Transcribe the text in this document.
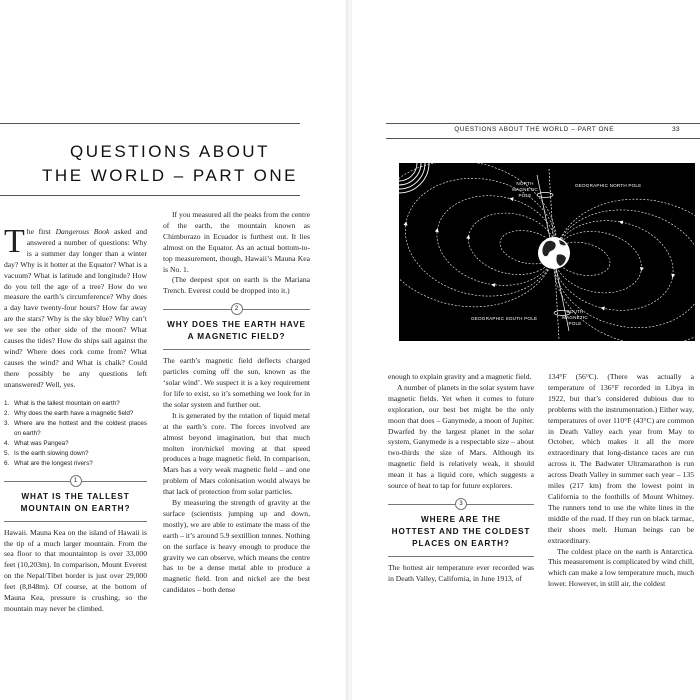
QUESTIONS ABOUT
THE WORLD – PART ONE

The first Dangerous Book asked and answered a number of questions: Why is a summer day longer than a winter day? Why is it hotter at the Equator? What is a vacuum? What is latitude and longitude? How do you tell the age of a tree? How do we measure the earth’s circumference? Why does a day have twenty-four hours? How far away are the stars? Why is the sky blue? Why can’t we see the other side of the moon? What causes the tides? How do ships sail against the wind? Where does cork come from? What causes the wind? and What is chalk? Could there possibly be any questions left unanswered? Well, yes.

1. What is the tallest mountain on earth?
2. Why does the earth have a magnetic field?
3. Where are the hottest and the coldest places on earth?
4. What was Pangea?
5. Is the earth slowing down?
6. What are the longest rivers?
1
WHAT IS THE TALLEST
MOUNTAIN ON EARTH?

Hawaii. Mauna Kea on the island of Hawaii is the tip of a much larger mountain. From the sea floor to that mountaintop is over 33,000 feet (10,203m). In comparison, Mount Everest on the Nepal/Tibet border is just over 29,000 feet (8,848m). Of course, at the bottom of Mauna Kea, pressure is crushing, so the mountain may never be climbed.

If you measured all the peaks from the centre of the earth, the mountain known as Chimborazo in Ecuador is furthest out. It lies almost on the Equator. As an actual bottom-to-top measurement, though, Hawaii’s Mauna Kea is No. 1.

(The deepest spot on earth is the Mariana Trench. Everest could be dropped into it.)

2
WHY DOES THE EARTH HAVE
A MAGNETIC FIELD?

The earth’s magnetic field deflects charged particles coming off the sun, known as the ‘solar wind’. We suspect it is a key requirement for life to exist, so it’s something we look for in the solar system and further out.

It is generated by the rotation of liquid metal at the earth’s core. The forces involved are almost beyond imagination, but that much molten iron/nickel moving at that speed produces a huge magnetic field. In comparison, Mars has a very weak magnetic field – and one problem of Mars colonisation would always be that lack of protection from solar particles.

By measuring the strength of gravity at the surface (scientists jumping up and down, mostly), we are able to estimate the mass of the earth – it’s around 5.9 sextillion tonnes. Nothing on the surface is heavy enough to produce the gravity we can observe, which means the centre has to be a dense metal able to produce a magnetic field. Iron and nickel are the best candidates – both dense

QUESTIONS ABOUT THE WORLD – PART ONE	33
NORTH
MAGNETIC
POLE
GEOGRAPHIC NORTH POLE
GEOGRAPHIC SOUTH POLE
SOUTH
MAGNETIC
POLE

enough to explain gravity and a magnetic field.

A number of planets in the solar system have magnetic fields. Yet when it comes to future exploration, our best bet might be the only moon that does – Ganymede, a moon of Jupiter. Dwarfed by the largest planet in the solar system, Ganymede is a respectable size – about two-thirds the size of Mars. Although its magnetic field is relatively weak, it should mean it has a liquid core, which suggests a source of heat to tap for future explorers.

3
WHERE ARE THE
HOTTEST AND THE COLDEST
PLACES ON EARTH?

The hottest air temperature ever recorded was in Death Valley, California, in June 1913, of

134°F (56°C). (There was actually a temperature of 136°F recorded in Libya in 1922, but that’s considered dubious due to problems with the instrumentation.) Either way, temperatures of over 110°F (43°C) are common in Death Valley each year from May to October, which makes it all the more extraordinary that long-distance races are run across it. The Badwater Ultramarathon is run across Death Valley in summer each year – 135 miles (217 km) from the lowest point in California to the foothills of Mount Whitney. The runners tend to use the white lines in the middle of the road. If they run on black tarmac, their shoes melt. Human beings can be extraordinary.

The coldest place on the earth is Antarctica. This measurement is complicated by wind chill, which can make a low temperature much, much lower. However, in still air, the coldest
